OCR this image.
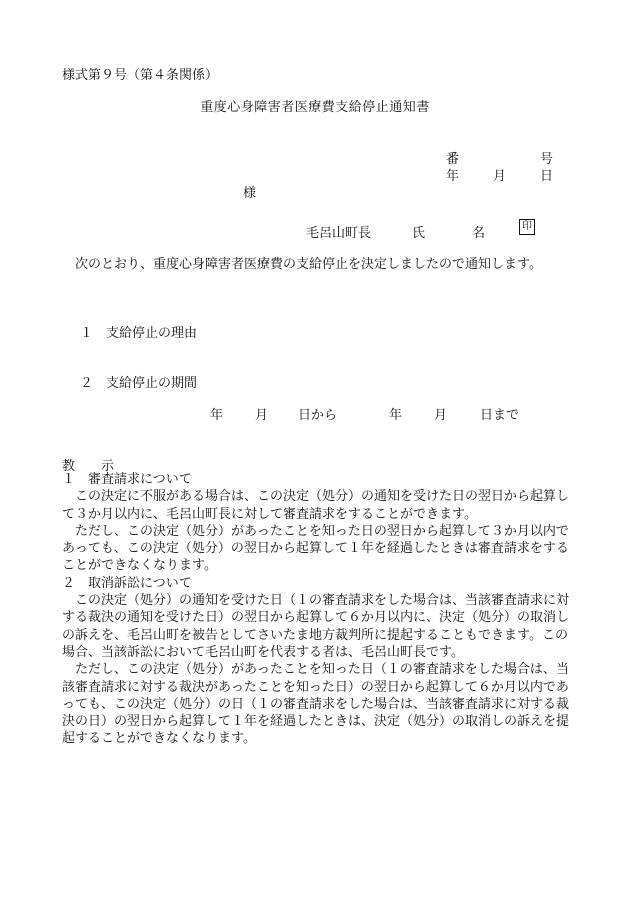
様式第９号（第４条関係）
重度心身障害者医療費支給停止通知書
番	号
年	月	日
様
毛呂山町長	氏	名	印
次のとおり、重度心身障害者医療費の支給停止を決定しましたので通知します。
１　支給停止の理由
２　支給停止の期間
年 月 日から	年 月	日まで
教　　示

１　審査請求について

この決定に不服がある場合は、この決定（処分）の通知を受けた日の翌日から起算して３か月以内に、毛呂山町長に対して審査請求をすることができます。

ただし、この決定（処分）があったことを知った日の翌日から起算して３か月以内であっても、この決定（処分）の翌日から起算して１年を経過したときは審査請求をすることができなくなります。

２　取消訴訟について

この決定（処分）の通知を受けた日（１の審査請求をした場合は、当該審査請求に対する裁決の通知を受けた日）の翌日から起算して６か月以内に、決定（処分）の取消しの訴えを、毛呂山町を被告としてさいたま地方裁判所に提起することもできます。この場合、当該訴訟において毛呂山町を代表する者は、毛呂山町長です。

ただし、この決定（処分）があったことを知った日（１の審査請求をした場合は、当該審査請求に対する裁決があったことを知った日）の翌日から起算して６か月以内であっても、この決定（処分）の日（１の審査請求をした場合は、当該審査請求に対する裁決の日）の翌日から起算して１年を経過したときは、決定（処分）の取消しの訴えを提起することができなくなります。
